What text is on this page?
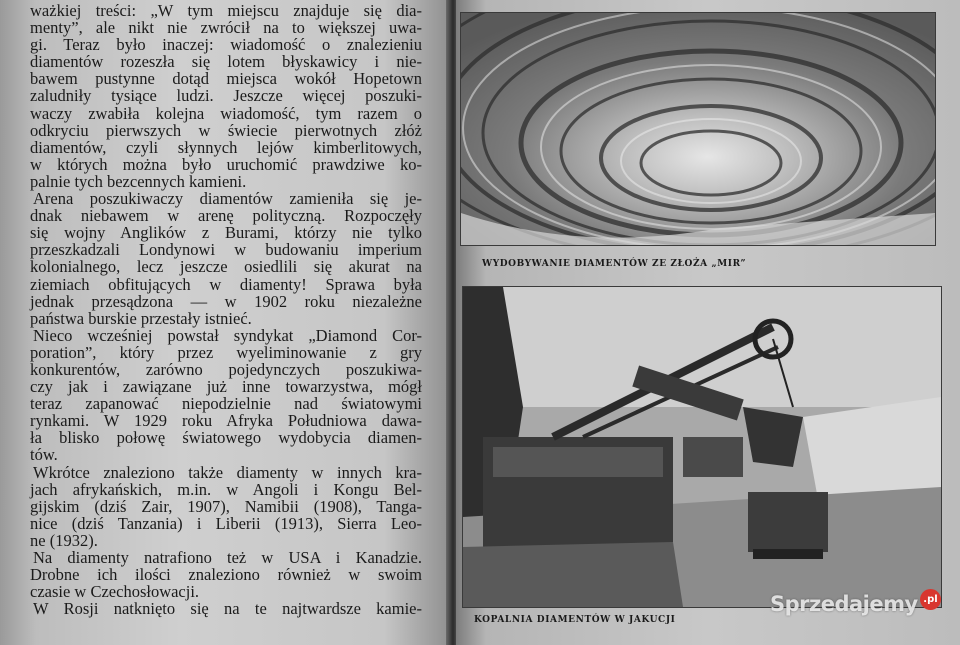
ważkiej treści: „W tym miejscu znajduje się dia-
menty”, ale nikt nie zwrócił na to większej uwa-
gi. Teraz było inaczej: wiadomość o znalezieniu
diamentów rozeszła się lotem błyskawicy i nie-
bawem pustynne dotąd miejsca wokół Hopetown
zaludniły tysiące ludzi. Jeszcze więcej poszuki-
waczy zwabiła kolejna wiadomość, tym razem o
odkryciu pierwszych w świecie pierwotnych złóż
diamentów, czyli słynnych lejów kimberlitowych,
w których można było uruchomić prawdziwe ko-
palnie tych bezcennych kamieni.
Arena poszukiwaczy diamentów zamieniła się je-
dnak niebawem w arenę polityczną. Rozpoczęły
się wojny Anglików z Burami, którzy nie tylko
przeszkadzali Londynowi w budowaniu imperium
kolonialnego, lecz jeszcze osiedlili się akurat na
ziemiach obfitujących w diamenty! Sprawa była
jednak przesądzona — w 1902 roku niezależne
państwa burskie przestały istnieć.
Nieco wcześniej powstał syndykat „Diamond Cor-
poration”, który przez wyeliminowanie z gry
konkurentów, zarówno pojedynczych poszukiwa-
czy jak i zawiązane już inne towarzystwa, mógł
teraz zapanować niepodzielnie nad światowymi
rynkami. W 1929 roku Afryka Południowa dawa-
ła blisko połowę światowego wydobycia diamen-
tów.
Wkrótce znaleziono także diamenty w innych kra-
jach afrykańskich, m.in. w Angoli i Kongu Bel-
gijskim (dziś Zair, 1907), Namibii (1908), Tanga-
nice (dziś Tanzania) i Liberii (1913), Sierra Leo-
ne (1932).
Na diamenty natrafiono też w USA i Kanadzie.
Drobne ich ilości znaleziono również w swoim
czasie w Czechosłowacji.
W Rosji natknięto się na te najtwardsze kamie-
WYDOBYWANIE DIAMENTÓW ZE ZŁOŻA „MIR”
KOPALNIA DIAMENTÓW W JAKUCJI
Sprzedajemy .pl
